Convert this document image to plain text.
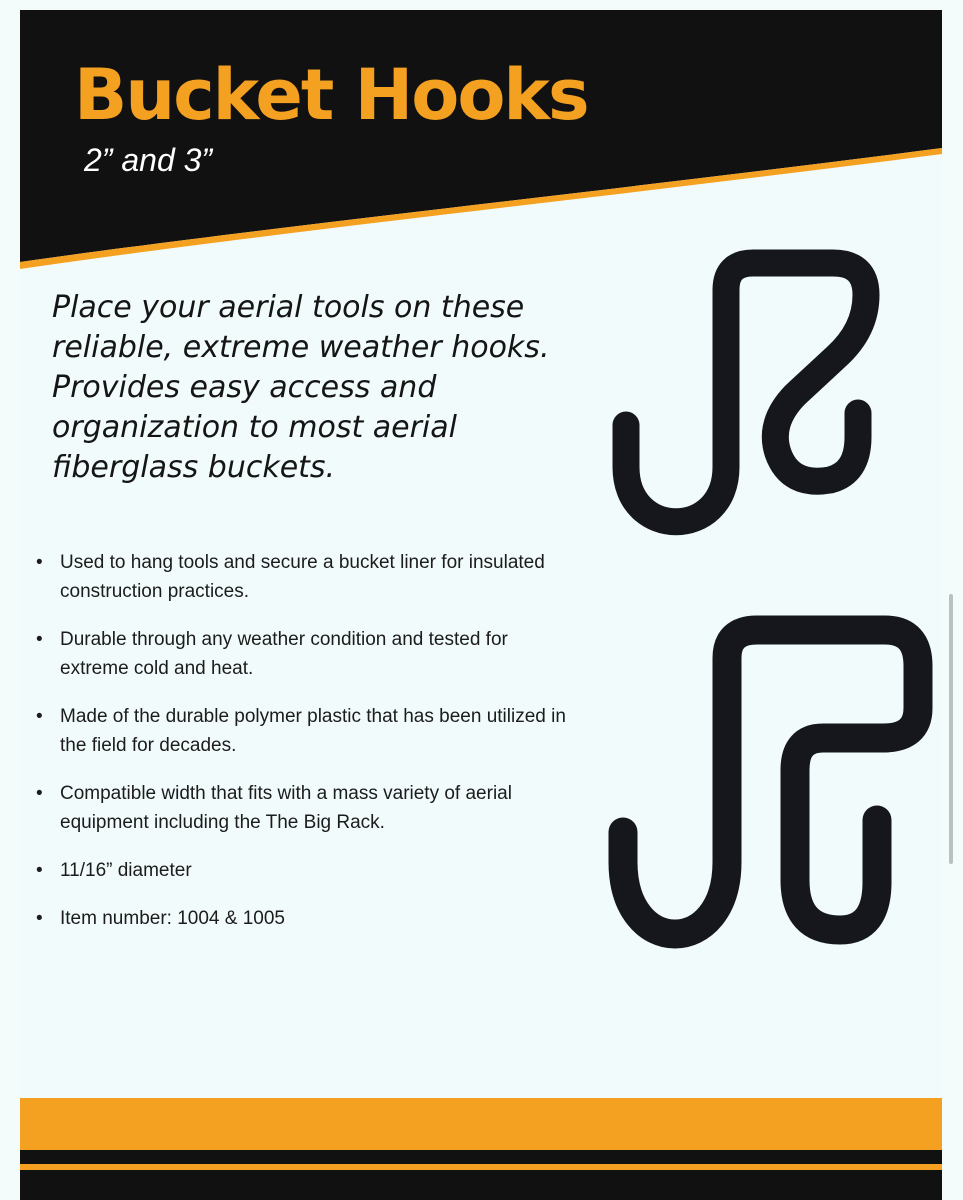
Bucket Hooks
2” and 3”

Place your aerial tools on these reliable, extreme weather hooks. Provides easy access and organization to most aerial fiberglass buckets.

• Used to hang tools and secure a bucket liner for insulated construction practices.
• Durable through any weather condition and tested for extreme cold and heat.
• Made of the durable polymer plastic that has been utilized in the field for decades.
• Compatible width that fits with a mass variety of aerial equipment including the The Big Rack.
• 11/16” diameter
• Item number: 1004 & 1005
